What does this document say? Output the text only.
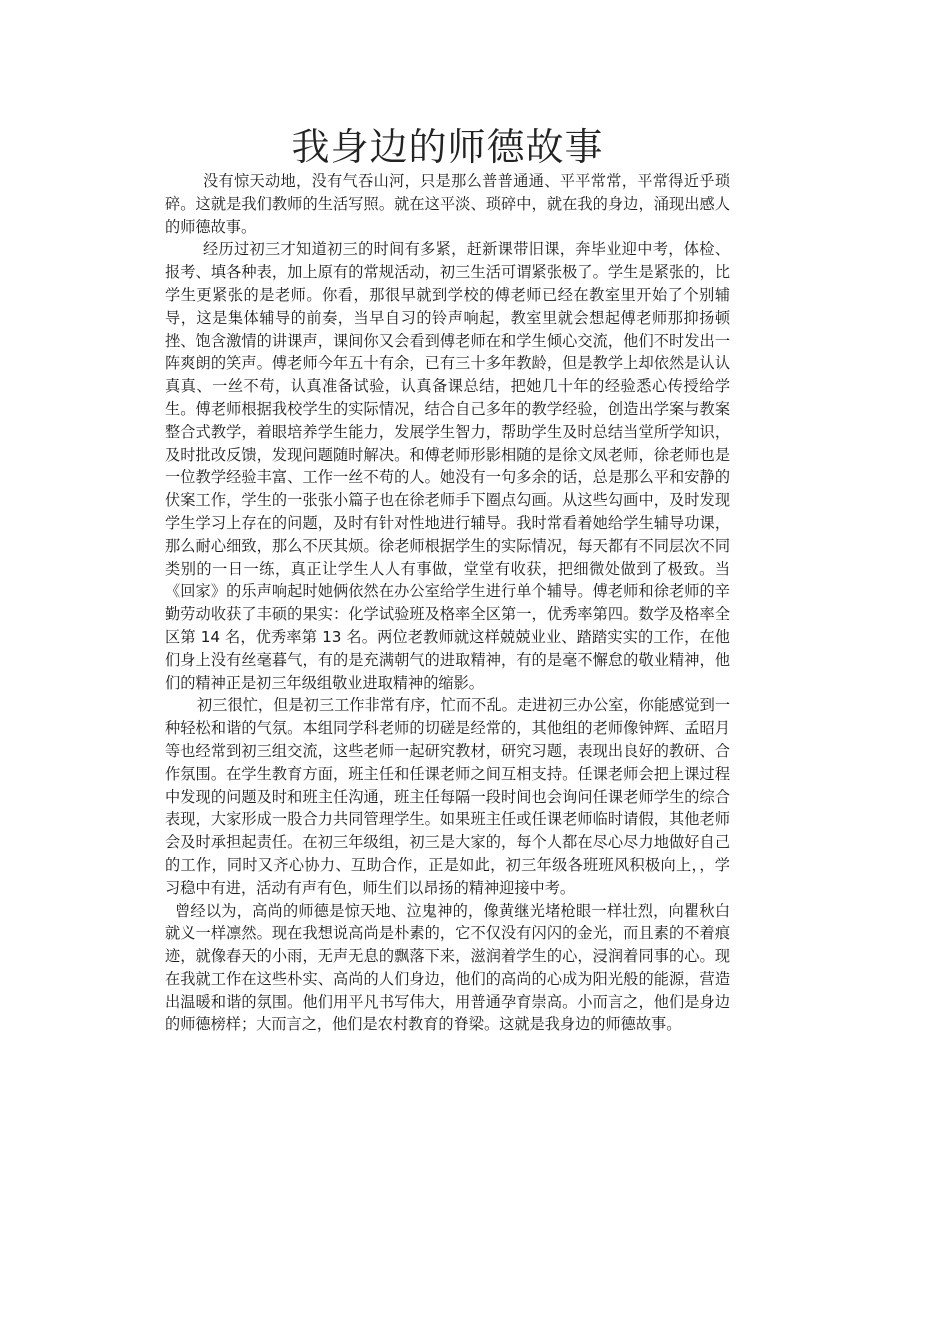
我身边的师德故事

没有惊天动地，没有气吞山河，只是那么普普通通、平平常常，平常得近乎琐碎。这就是我们教师的生活写照。就在这平淡、琐碎中，就在我的身边，涌现出感人的师德故事。

经历过初三才知道初三的时间有多紧，赶新课带旧课，奔毕业迎中考，体检、报考、填各种表，加上原有的常规活动，初三生活可谓紧张极了。学生是紧张的，比学生更紧张的是老师。你看，那很早就到学校的傅老师已经在教室里开始了个别辅导，这是集体辅导的前奏，当早自习的铃声响起，教室里就会想起傅老师那抑扬顿挫、饱含激情的讲课声，课间你又会看到傅老师在和学生倾心交流，他们不时发出一阵爽朗的笑声。傅老师今年五十有余，已有三十多年教龄，但是教学上却依然是认认真真、一丝不苟，认真准备试验，认真备课总结，把她几十年的经验悉心传授给学生。傅老师根据我校学生的实际情况，结合自己多年的教学经验，创造出学案与教案整合式教学，着眼培养学生能力，发展学生智力，帮助学生及时总结当堂所学知识，及时批改反馈，发现问题随时解决。和傅老师形影相随的是徐文凤老师，徐老师也是一位教学经验丰富、工作一丝不苟的人。她没有一句多余的话，总是那么平和安静的伏案工作，学生的一张张小篇子也在徐老师手下圈点勾画。从这些勾画中，及时发现学生学习上存在的问题，及时有针对性地进行辅导。我时常看着她给学生辅导功课，那么耐心细致，那么不厌其烦。徐老师根据学生的实际情况，每天都有不同层次不同类别的一日一练，真正让学生人人有事做，堂堂有收获，把细微处做到了极致。当《回家》的乐声响起时她俩依然在办公室给学生进行单个辅导。傅老师和徐老师的辛勤劳动收获了丰硕的果实：化学试验班及格率全区第一，优秀率第四。数学及格率全区第 14 名，优秀率第 13 名。两位老教师就这样兢兢业业、踏踏实实的工作，在他们身上没有丝毫暮气，有的是充满朝气的进取精神，有的是毫不懈怠的敬业精神，他们的精神正是初三年级组敬业进取精神的缩影。

初三很忙，但是初三工作非常有序，忙而不乱。走进初三办公室，你能感觉到一种轻松和谐的气氛。本组同学科老师的切磋是经常的，其他组的老师像钟辉、孟昭月等也经常到初三组交流，这些老师一起研究教材，研究习题，表现出良好的教研、合作氛围。在学生教育方面，班主任和任课老师之间互相支持。任课老师会把上课过程中发现的问题及时和班主任沟通，班主任每隔一段时间也会询问任课老师学生的综合表现，大家形成一股合力共同管理学生。如果班主任或任课老师临时请假，其他老师会及时承担起责任。在初三年级组，初三是大家的，每个人都在尽心尽力地做好自己的工作，同时又齐心协力、互助合作，正是如此，初三年级各班班风积极向上，，学习稳中有进，活动有声有色，师生们以昂扬的精神迎接中考。

曾经以为，高尚的师德是惊天地、泣鬼神的，像黄继光堵枪眼一样壮烈，向瞿秋白就义一样凛然。现在我想说高尚是朴素的，它不仅没有闪闪的金光，而且素的不着痕迹，就像春天的小雨，无声无息的飘落下来，滋润着学生的心，浸润着同事的心。现在我就工作在这些朴实、高尚的人们身边，他们的高尚的心成为阳光般的能源，营造出温暖和谐的氛围。他们用平凡书写伟大，用普通孕育崇高。小而言之，他们是身边的师德榜样；大而言之，他们是农村教育的脊梁。这就是我身边的师德故事。
